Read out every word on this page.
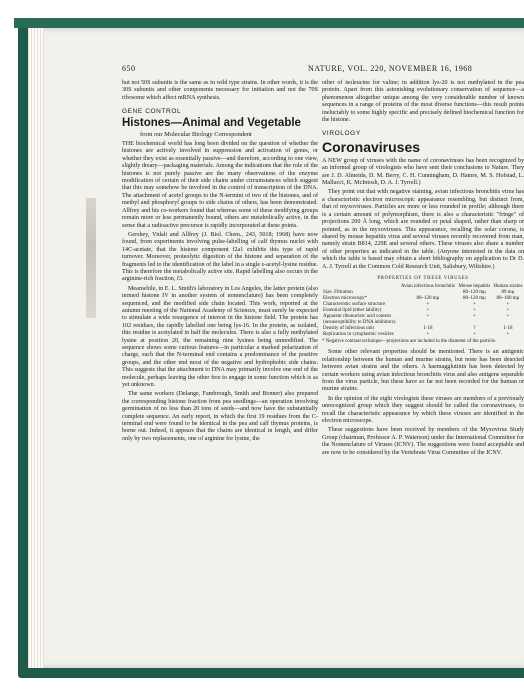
650	NATURE, VOL. 220, NOVEMBER 16, 1968

but not 50S subunits is the same as in wild type strains. In other words, it is the 30S subunits and other components necessary for initiation and not the 70S ribosome which affect mRNA synthesis.

GENE CONTROL
Histones—Animal and Vegetable
from our Molecular Biology Correspondent

THE biochemical world has long been divided on the question of whether the histones are actively involved in suppression and activation of genes, or whether they exist as essentially passive—and therefore, according to one view, slightly dreary—packaging materials. Among the indications that the role of the histones is not purely passive are the many observations of the enzyme modification of certain of their side chains under circumstances which suggest that this may somehow be involved in the control of transcription of the DNA. The attachment of acetyl groups to the N-termini of two of the histones, and of methyl and phosphoryl groups to side chains of others, has been demonstrated. Allfrey and his co-workers found that whereas some of these modifying groups remain more or less permanently bound, others are metabolically active, in the sense that a radioactive precursor is rapidly incorporated at these points.

Gershey, Vidali and Allfrey (J. Biol. Chem., 243, 5018; 1968) have now found, from experiments involving pulse-labelling of calf thymus nuclei with 14C-acetate, that the histone component f2a1 exhibits this type of rapid turnover. Moreover, proteolytic digestion of the histone and separation of the fragments led to the identification of the label in a single ε-acetyl-lysine residue. This is therefore the metabolically active site. Rapid labelling also occurs in the arginine-rich fraction, f3.

Meanwhile, in E. L. Smith's laboratory in Los Angeles, the latter protein (also termed histone IV in another system of nomenclature) has been completely sequenced, and the modified side chain located. This work, reported at the autumn meeting of the National Academy of Sciences, must surely be expected to stimulate a wide resurgence of interest in the histone field. The protein has 102 residues, the rapidly labelled one being lys-16. In the protein, as isolated, this residue is acetylated in half the molecules. There is also a fully methylated lysine at position 20, the remaining nine lysines being unmodified. The sequence shows some curious features—in particular a marked polarization of charge, such that the N-terminal end contains a predominance of the positive groups, and the other end most of the negative and hydrophobic side chains. This suggests that the attachment to DNA may primarily involve one end of the molecule, perhaps leaving the other free to engage in some function which is as yet unknown.

The same workers (Delange, Fambrough, Smith and Bonner) also prepared the corresponding histone fraction from pea seedlings—an operation involving germination of no less than 20 tons of seeds—and now have the substantially complete sequence. An early report, in which the first 19 residues from the C-terminal end were found to be identical in the pea and calf thymus proteins, is borne out. Indeed, it appears that the chains are identical in length, and differ only by two replacements, one of arginine for lysine, the

other of isoleucine for valine; in addition lys-20 is not methylated in the pea protein. Apart from this astonishing evolutionary conservation of sequence—a phenomenon altogether unique among the very considerable number of known sequences in a range of proteins of the most diverse functions—this result points ineluctably to some highly specific and precisely defined biochemical function for the histone.

VIROLOGY
Coronaviruses

A NEW group of viruses with the name of coronaviruses has been recognized by an informal group of virologists who have sent their conclusions to Nature. They are J. D. Almeida, D. M. Berry, C. H. Cunningham, D. Hamre, M. S. Hofstad, L. Mallucci, K. McIntosh, D. A. J. Tyrrell.)

They point out that with negative staining, avian infectious bronchitis virus has a characteristic electron microscopic appearance resembling, but distinct from, that of myxoviruses. Particles are more or less rounded in profile; although there is a certain amount of polymorphism, there is also a characteristic "fringe" of projections 200 Å long, which are rounded or petal shaped, rather than sharp or pointed, as in the myxoviruses. This appearance, recalling the solar corona, is shared by mouse hepatitis virus and several viruses recently recovered from man, namely strain B814, 229E and several others. These viruses also share a number of other properties as indicated in the table. (Anyone interested in the data on which the table is based may obtain a short bibliography on application to Dr D. A. J. Tyrrell at the Common Cold Research Unit, Salisbury, Wiltshire.)

PROPERTIES OF THESE VIRUSES
	Avian infectious bronchitis	Mouse hepatitis	Human strains
Size. Filtration		80–120 mμ	89 mμ
Electron microscopy*	80–120 mμ	80–120 mμ	80–160 mμ
Characteristic surface structure	+	+	+
Essential lipid (ether lability)	+	+	+
Apparent ribonucleic acid content	+	+	+
(unsusceptibility to DNA inhibitors)			
Density of infectious unit	1·18	?	1·18
Replication in cytoplasmic vesicles	+	+	+
* Negative contrast technique—projections are included in the diameter of the particle.

Some other relevant properties should be mentioned. There is an antigenic relationship between the human and murine strains, but none has been detected between avian strains and the others. A haemagglutinin has been detected by certain workers using avian infectious bronchitis virus and also antigens separable from the virus particle, but these have so far not been recorded for the human or murine strains.

In the opinion of the eight virologists these viruses are members of a previously unrecognized group which they suggest should be called the coronaviruses, to recall the characteristic appearance by which these viruses are identified in the electron microscope.

These suggestions have been received by members of the Myxovirus Study Group (chairman, Professor A. P. Waterson) under the International Committee for the Nomenclature of Viruses (ICNV). The suggestions were found acceptable and are now to be considered by the Vertebrate Virus Committee of the ICNV.
